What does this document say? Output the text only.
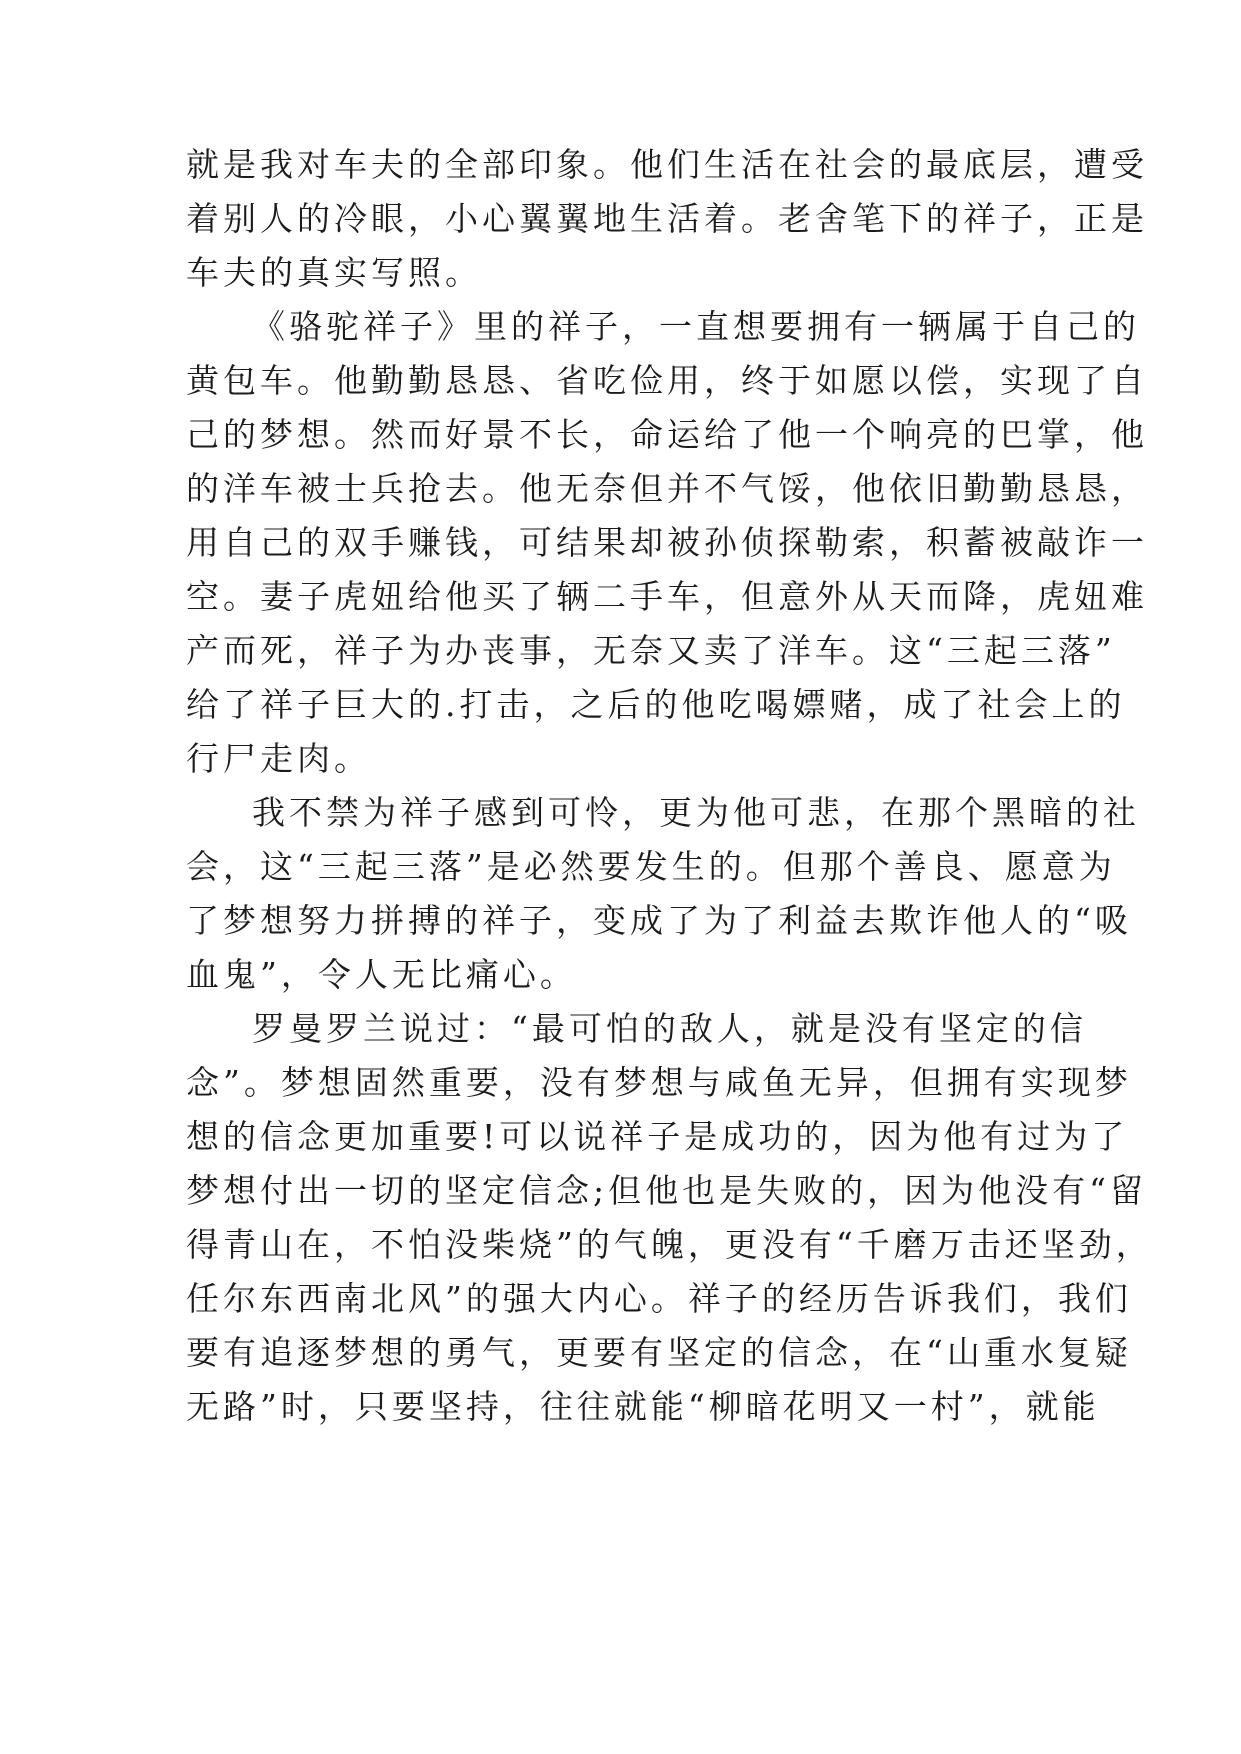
就是我对车夫的全部印象。他们生活在社会的最底层，遭受
着别人的冷眼，小心翼翼地生活着。老舍笔下的祥子，正是
车夫的真实写照。
《骆驼祥子》里的祥子，一直想要拥有一辆属于自己的
黄包车。他勤勤恳恳、省吃俭用，终于如愿以偿，实现了自
己的梦想。然而好景不长，命运给了他一个响亮的巴掌，他
的洋车被士兵抢去。他无奈但并不气馁，他依旧勤勤恳恳，
用自己的双手赚钱，可结果却被孙侦探勒索，积蓄被敲诈一
空。妻子虎妞给他买了辆二手车，但意外从天而降，虎妞难
产而死，祥子为办丧事，无奈又卖了洋车。这“三起三落”
给了祥子巨大的.打击，之后的他吃喝嫖赌，成了社会上的
行尸走肉。
我不禁为祥子感到可怜，更为他可悲，在那个黑暗的社
会，这“三起三落”是必然要发生的。但那个善良、愿意为
了梦想努力拼搏的祥子，变成了为了利益去欺诈他人的“吸
血鬼”，令人无比痛心。
罗曼罗兰说过：“最可怕的敌人，就是没有坚定的信
念”。梦想固然重要，没有梦想与咸鱼无异，但拥有实现梦
想的信念更加重要!可以说祥子是成功的，因为他有过为了
梦想付出一切的坚定信念;但他也是失败的，因为他没有“留
得青山在，不怕没柴烧”的气魄，更没有“千磨万击还坚劲，
任尔东西南北风”的强大内心。祥子的经历告诉我们，我们
要有追逐梦想的勇气，更要有坚定的信念，在“山重水复疑
无路”时，只要坚持，往往就能“柳暗花明又一村”，就能
